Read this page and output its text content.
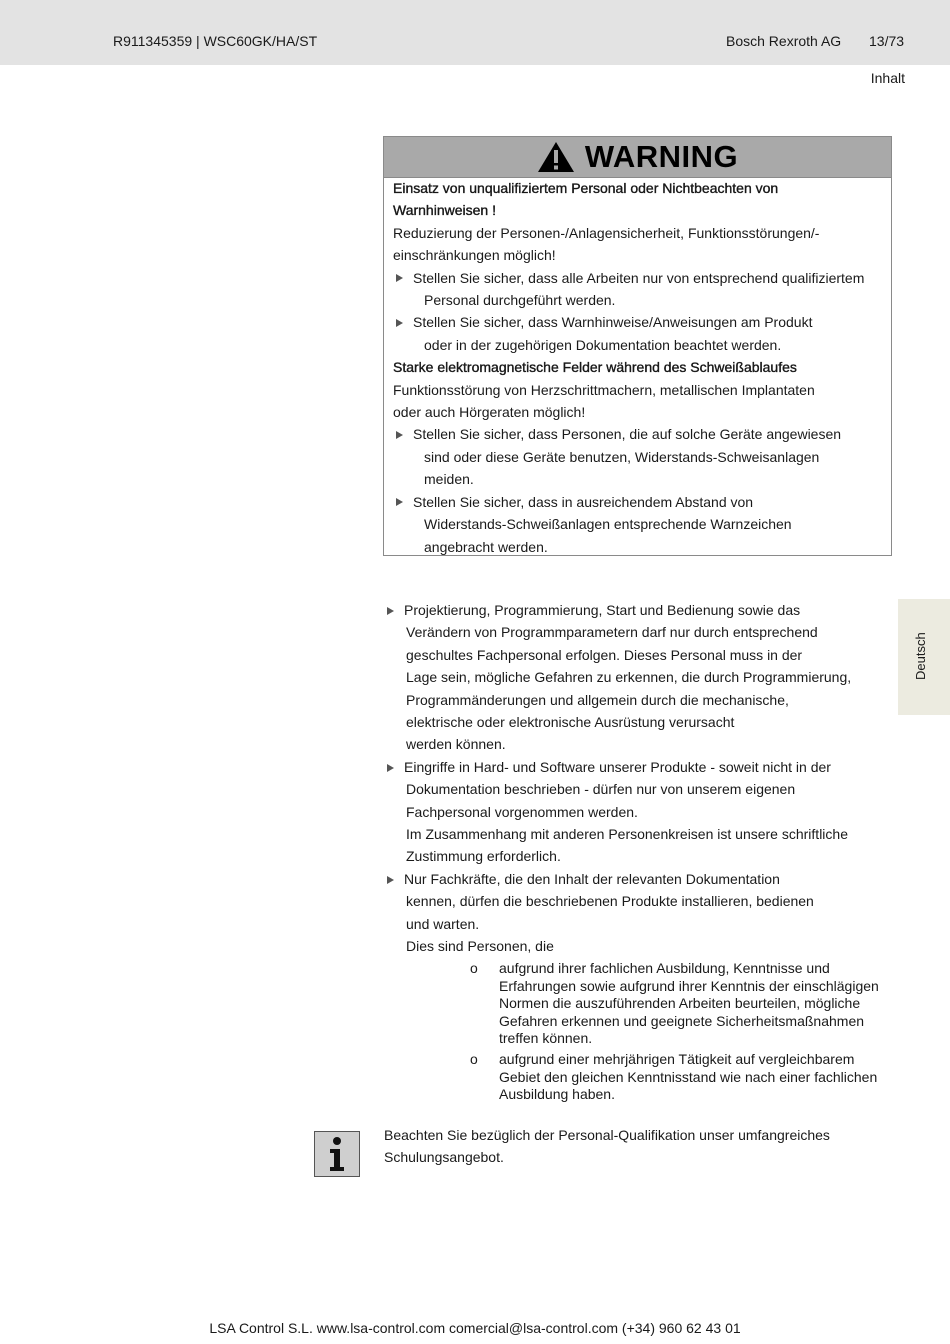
R911345359 | WSC60GK/HA/ST	Bosch Rexroth AG 13/73
Inhalt
WARNING
Einsatz von unqualifiziertem Personal oder Nichtbeachten von
Warnhinweisen !
Reduzierung der Personen-/Anlagensicherheit, Funktionsstörungen/-
einschränkungen möglich!
Stellen Sie sicher, dass alle Arbeiten nur von entsprechend qualifiziertem
Personal durchgeführt werden.
Stellen Sie sicher, dass Warnhinweise/Anweisungen am Produkt
oder in der zugehörigen Dokumentation beachtet werden.
Starke elektromagnetische Felder während des Schweißablaufes
Funktionsstörung von Herzschrittmachern, metallischen Implantaten
oder auch Hörgeraten möglich!
Stellen Sie sicher, dass Personen, die auf solche Geräte angewiesen
sind oder diese Geräte benutzen, Widerstands-Schweisanlagen
meiden.
Stellen Sie sicher, dass in ausreichendem Abstand von
Widerstands-Schweißanlagen entsprechende Warnzeichen
angebracht werden.
Projektierung, Programmierung, Start und Bedienung sowie das
Verändern von Programmparametern darf nur durch entsprechend
geschultes Fachpersonal erfolgen. Dieses Personal muss in der
Lage sein, mögliche Gefahren zu erkennen, die durch Programmierung,
Programmänderungen und allgemein durch die mechanische,
elektrische oder elektronische Ausrüstung verursacht
werden können.
Eingriffe in Hard- und Software unserer Produkte - soweit nicht in der
Dokumentation beschrieben - dürfen nur von unserem eigenen
Fachpersonal vorgenommen werden.
Im Zusammenhang mit anderen Personenkreisen ist unsere schriftliche
Zustimmung erforderlich.
Nur Fachkräfte, die den Inhalt der relevanten Dokumentation
kennen, dürfen die beschriebenen Produkte installieren, bedienen
und warten.
Dies sind Personen, die
o aufgrund ihrer fachlichen Ausbildung, Kenntnisse und
Erfahrungen sowie aufgrund ihrer Kenntnis der einschlägigen
Normen die auszuführenden Arbeiten beurteilen, mögliche
Gefahren erkennen und geeignete Sicherheitsmaßnahmen
treffen können.
o aufgrund einer mehrjährigen Tätigkeit auf vergleichbarem
Gebiet den gleichen Kenntnisstand wie nach einer fachlichen
Ausbildung haben.
Deutsch
Beachten Sie bezüglich der Personal-Qualifikation unser umfangreiches
Schulungsangebot.
LSA Control S.L. www.lsa-control.com comercial@lsa-control.com (+34) 960 62 43 01
